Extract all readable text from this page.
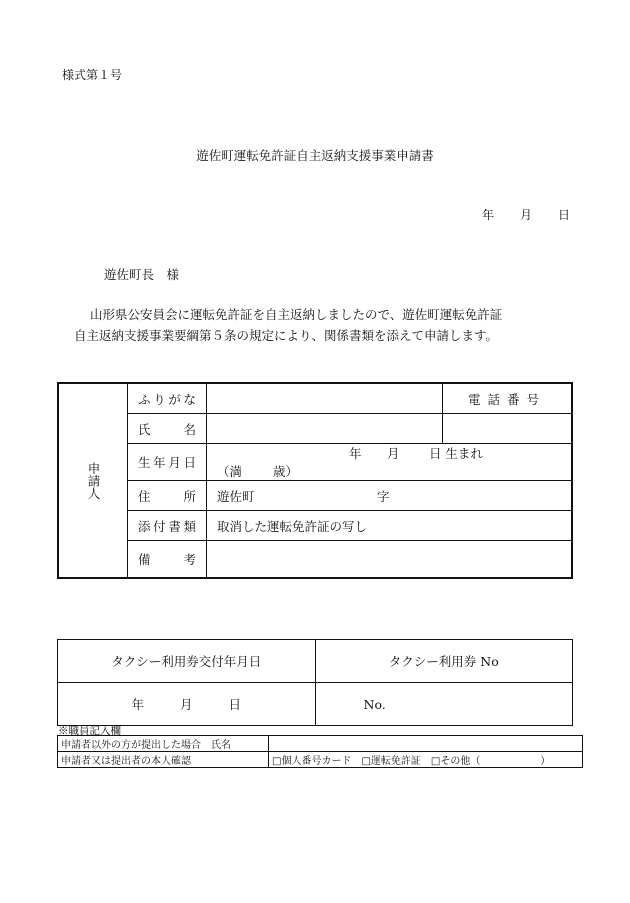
様式第１号
遊佐町運転免許証自主返納支援事業申請書
年 月 日
遊佐町長　様
山形県公安員会に運転免許証を自主返納しましたので、遊佐町運転免許証
自主返納支援事業要綱第５条の規定により、関係書類を添えて申請します。
申請人	ふりがな		電話番号
	氏　名		
	生年月日	年 月 日 生まれ （満 歳）	
	住　所	遊佐町 字	
	添付書類	取消した運転免許証の写し	
	備　考		
タクシー利用券交付年月日	タクシー利用券 No
年 月 日	No.
※職員記入欄
申請者以外の方が提出した場合　氏名	
申請者又は提出者の本人確認	□個人番号カード　□運転免許証　□その他（　　　　　　）
